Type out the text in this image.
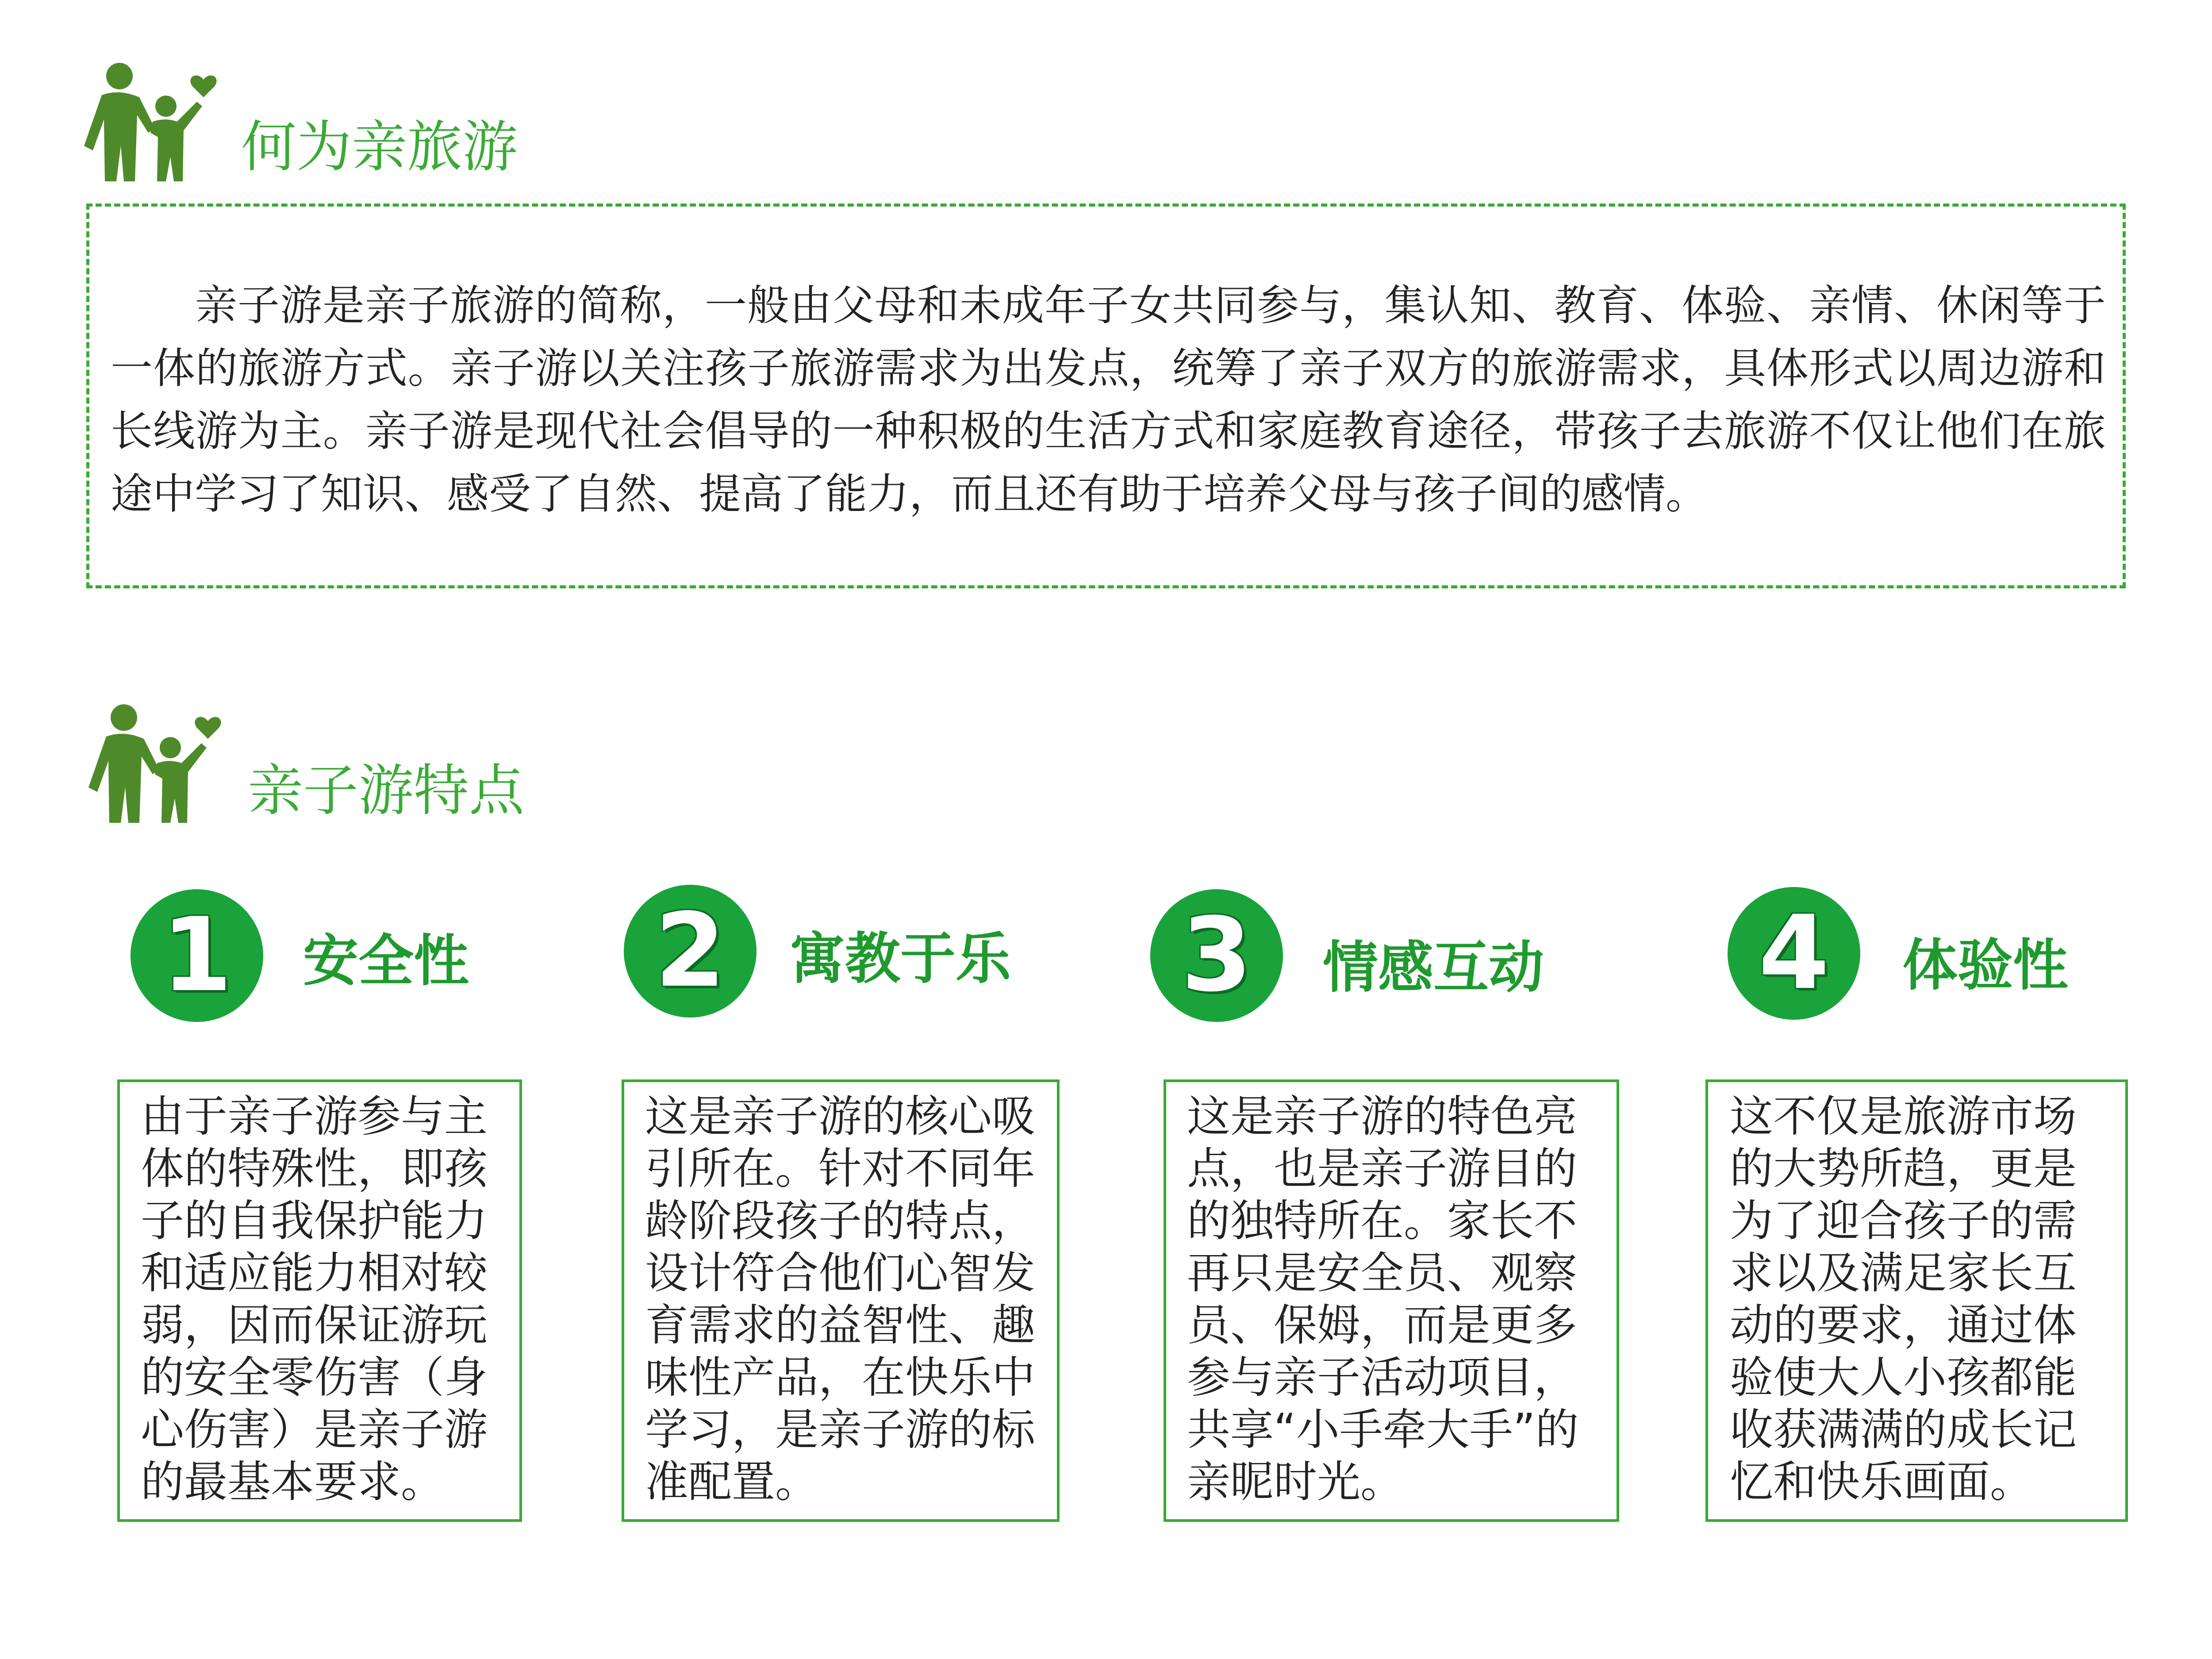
何为亲旅游
亲子游是亲子旅游的简称，一般由父母和未成年子女共同参与，集认知、教育、体验、亲情、休闲等于一体的旅游方式。亲子游以关注孩子旅游需求为出发点，统筹了亲子双方的旅游需求，具体形式以周边游和长线游为主。亲子游是现代社会倡导的一种积极的生活方式和家庭教育途径，带孩子去旅游不仅让他们在旅途中学习了知识、感受了自然、提高了能力，而且还有助于培养父母与孩子间的感情。
亲子游特点
1	安全性
由于亲子游参与主体的特殊性，即孩子的自我保护能力和适应能力相对较弱，因而保证游玩的安全零伤害（身心伤害）是亲子游的最基本要求。
2	寓教于乐
这是亲子游的核心吸引所在。针对不同年龄阶段孩子的特点，设计符合他们心智发育需求的益智性、趣味性产品，在快乐中学习，是亲子游的标准配置。
3	情感互动
这是亲子游的特色亮点，也是亲子游目的的独特所在。家长不再只是安全员、观察员、保姆，而是更多参与亲子活动项目，共享“小手牵大手”的亲昵时光。
4	体验性
这不仅是旅游市场的大势所趋，更是为了迎合孩子的需求以及满足家长互动的要求，通过体验使大人小孩都能收获满满的成长记忆和快乐画面。
